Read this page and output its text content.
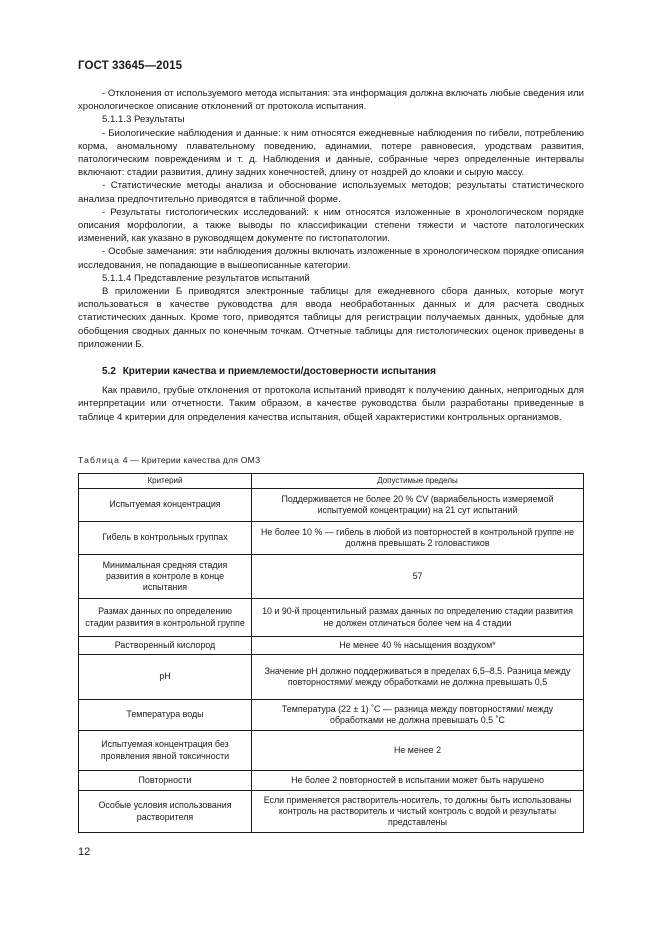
ГОСТ 33645—2015

- Отклонения от используемого метода испытания: эта информация должна включать любые сведения или хронологическое описание отклонений от протокола испытания.

5.1.1.3 Результаты

- Биологические наблюдения и данные: к ним относятся ежедневные наблюдения по гибели, потреблению корма, аномальному плавательному поведению, адинамии, потере равновесия, уродствам развития, патологическим повреждениям и т. д. Наблюдения и данные, собранные через определенные интервалы включают: стадии развития, длину задних конечностей, длину от ноздрей до клоаки и сырую массу.

- Статистические методы анализа и обоснование используемых методов; результаты статистического анализа предпочтительно приводятся в табличной форме.

- Результаты гистологических исследований: к ним относятся изложенные в хронологическом порядке описания морфологии, а также выводы по классификации степени тяжести и частоте патологических изменений, как указано в руководящем документе по гистопатологии.

- Особые замечания: эти наблюдения должны включать изложенные в хронологическом порядке описания исследования, не попадающие в вышеописанные категории.

5.1.1.4 Представление результатов испытаний

В приложении Б приводятся электронные таблицы для ежедневного сбора данных, которые могут использоваться в качестве руководства для ввода необработанных данных и для расчета сводных статистических данных. Кроме того, приводятся таблицы для регистрации получаемых данных, удобные для обобщения сводных данных по конечным точкам. Отчетные таблицы для гистологических оценок приведены в приложении Б.

5.2 Критерии качества и приемлемости/достоверности испытания

Как правило, грубые отклонения от протокола испытаний приводят к получению данных, непригодных для интерпретации или отчетности. Таким образом, в качестве руководства были разработаны приведенные в таблице 4 критерии для определения качества испытания, общей характеристики контрольных организмов.

Таблица 4 — Критерии качества для ОМЗ
Критерий	Допустимые пределы
Испытуемая концентрация	Поддерживается не более 20 % CV (вариабельность измеряемой испытуемой концентрации) на 21 сут испытаний
Гибель в контрольных группах	Не более 10 % — гибель в любой из повторностей в контрольной группе не должна превышать 2 головастиков
Минимальная средняя стадия развития в контроле в конце испытания	57
Размах данных по определению стадии развития в контрольной группе	10 и 90-й процентильный размах данных по определению стадии развития не должен отличаться более чем на 4 стадии
Растворенный кислород	Не менее 40 % насыщения воздухом*
pH	Значение pH должно поддерживаться в пределах 6,5–8,5. Разница между повторностями/ между обработками не должна превышать 0,5
Температура воды	Температура (22 ± 1) ˚C — разница между повторностями/ между обработками не должна превышать 0,5 ˚C
Испытуемая концентрация без проявления явной токсичности	Не менее 2
Повторности	Не более 2 повторностей в испытании может быть нарушено
Особые условия использования растворителя	Если применяется растворитель-носитель, то должны быть использованы контроль на растворитель и чистый контроль с водой и результаты представлены
12
